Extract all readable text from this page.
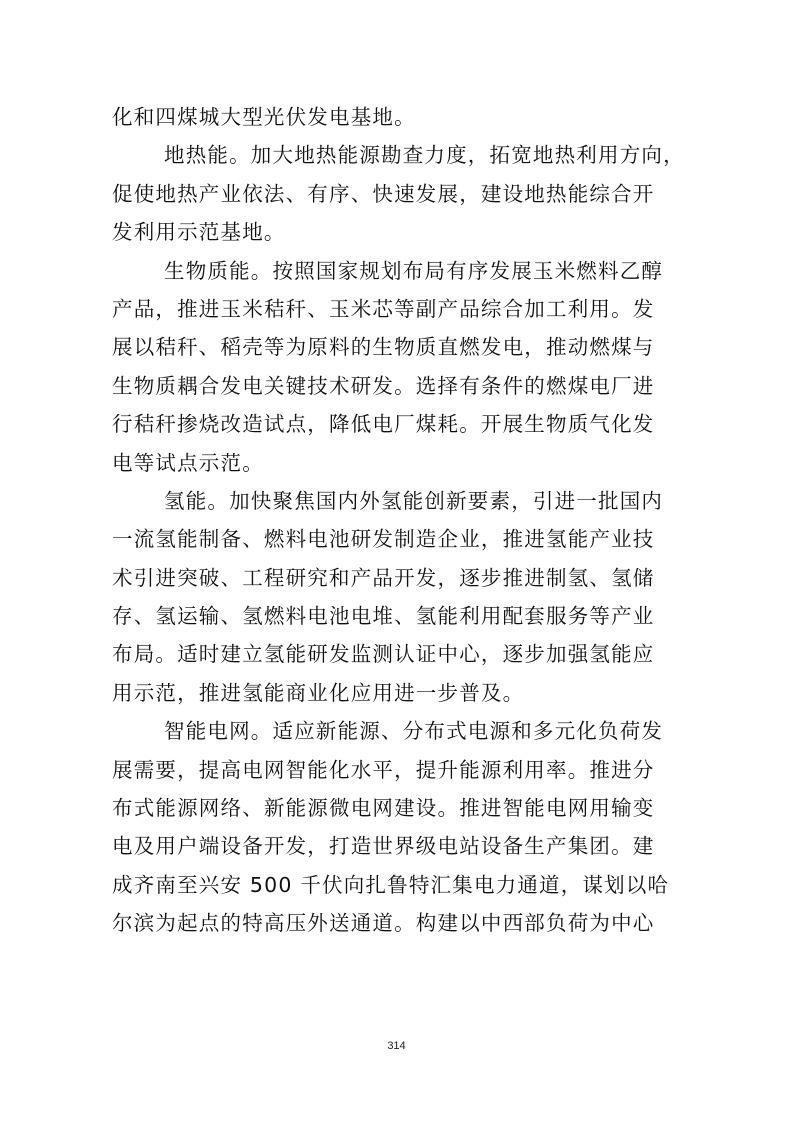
化和四煤城大型光伏发电基地。
地热能。加大地热能源勘查力度，拓宽地热利用方向，
促使地热产业依法、有序、快速发展，建设地热能综合开
发利用示范基地。
生物质能。按照国家规划布局有序发展玉米燃料乙醇
产品，推进玉米秸秆、玉米芯等副产品综合加工利用。发
展以秸秆、稻壳等为原料的生物质直燃发电，推动燃煤与
生物质耦合发电关键技术研发。选择有条件的燃煤电厂进
行秸秆掺烧改造试点，降低电厂煤耗。开展生物质气化发
电等试点示范。
氢能。加快聚焦国内外氢能创新要素，引进一批国内
一流氢能制备、燃料电池研发制造企业，推进氢能产业技
术引进突破、工程研究和产品开发，逐步推进制氢、氢储
存、氢运输、氢燃料电池电堆、氢能利用配套服务等产业
布局。适时建立氢能研发监测认证中心，逐步加强氢能应
用示范，推进氢能商业化应用进一步普及。
智能电网。适应新能源、分布式电源和多元化负荷发
展需要，提高电网智能化水平，提升能源利用率。推进分
布式能源网络、新能源微电网建设。推进智能电网用输变
电及用户端设备开发，打造世界级电站设备生产集团。建
成齐南至兴安 500 千伏向扎鲁特汇集电力通道，谋划以哈
尔滨为起点的特高压外送通道。构建以中西部负荷为中心
314
